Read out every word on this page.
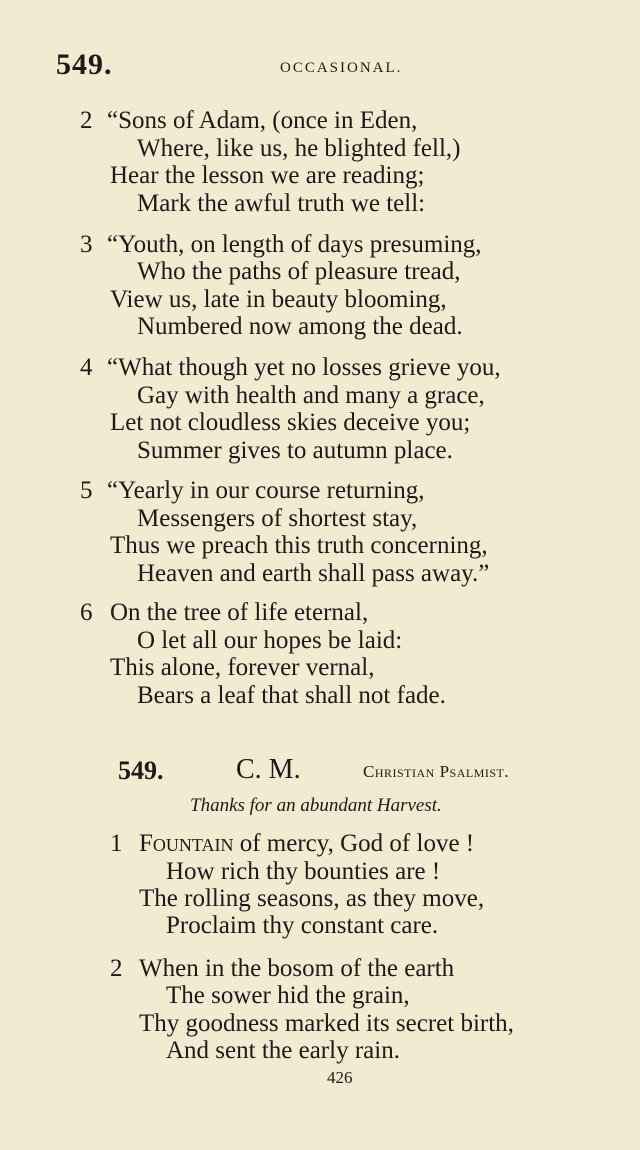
549.	OCCASIONAL.
2 “Sons of Adam, (once in Eden,
Where, like us, he blighted fell,)
Hear the lesson we are reading;
Mark the awful truth we tell:
3 “Youth, on length of days presuming,
Who the paths of pleasure tread,
View us, late in beauty blooming,
Numbered now among the dead.
4 “What though yet no losses grieve you,
Gay with health and many a grace,
Let not cloudless skies deceive you;
Summer gives to autumn place.
5 “Yearly in our course returning,
Messengers of shortest stay,
Thus we preach this truth concerning,
Heaven and earth shall pass away.”
6 On the tree of life eternal,
O let all our hopes be laid:
This alone, forever vernal,
Bears a leaf that shall not fade.
549.	C. M.	Christian Psalmist.
Thanks for an abundant Harvest.
1 Fountain of mercy, God of love !
How rich thy bounties are !
The rolling seasons, as they move,
Proclaim thy constant care.
2 When in the bosom of the earth
The sower hid the grain,
Thy goodness marked its secret birth,
And sent the early rain.
426
